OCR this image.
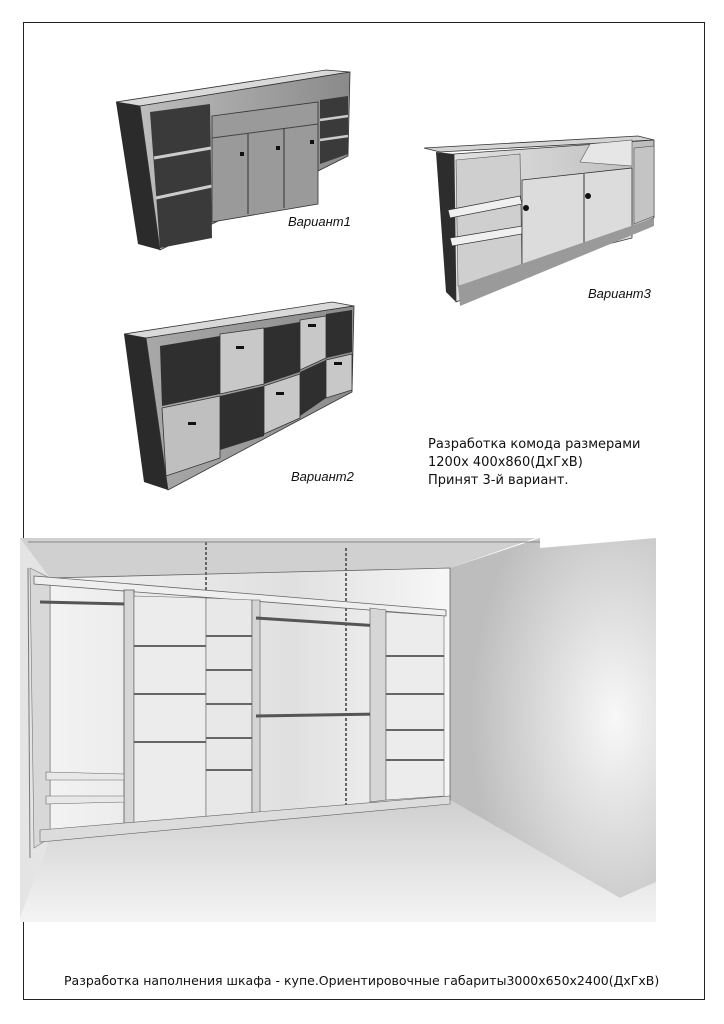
Вариант1
Вариант3
Вариант2
Разработка комода размерами
1200х 400х860(ДхГхВ)
Принят 3-й вариант.
Разработка наполнения шкафа - купе.Ориентировочные габариты3000х650х2400(ДхГхВ)
